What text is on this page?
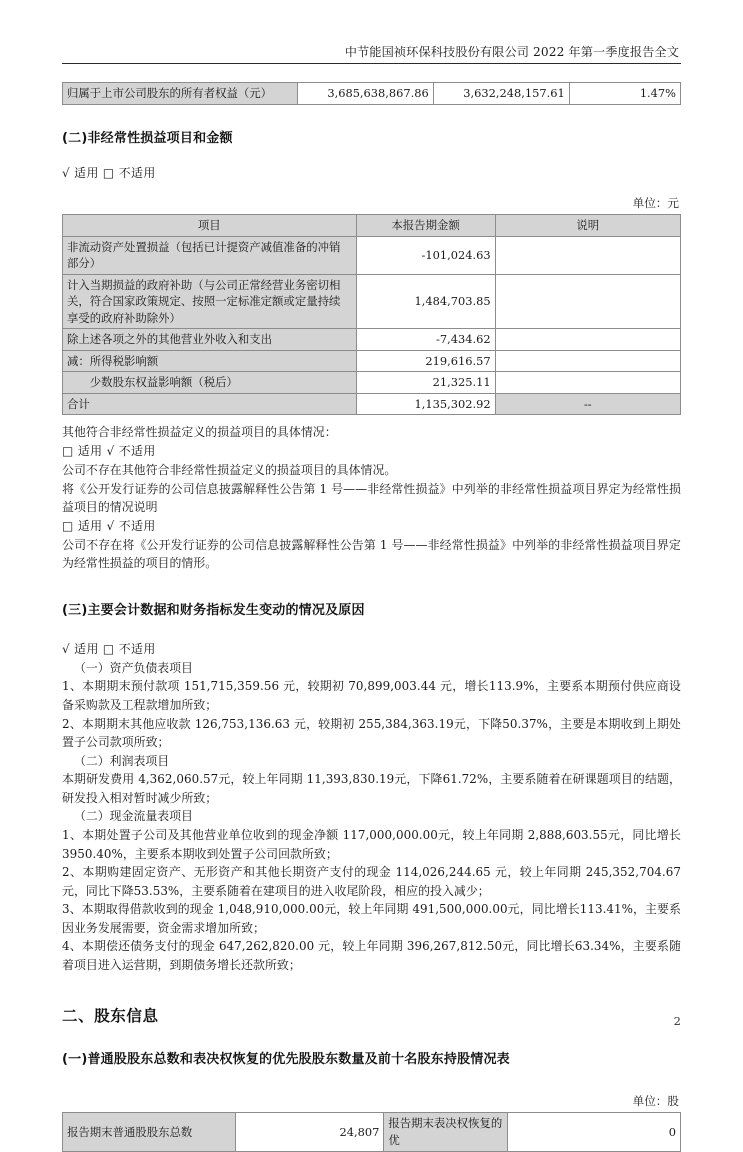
中节能国祯环保科技股份有限公司 2022 年第一季度报告全文
归属于上市公司股东的所有者权益（元）	3,685,638,867.86	3,632,248,157.61	1.47%
(二)非经常性损益项目和金额

√ 适用 □ 不适用

单位：元
项目	本报告期金额	说明
非流动资产处置损益（包括已计提资产减值准备的冲销部分）	-101,024.63	
计入当期损益的政府补助（与公司正常经营业务密切相关，符合国家政策规定、按照一定标准定额或定量持续享受的政府补助除外）	1,484,703.85	
除上述各项之外的其他营业外收入和支出	-7,434.62	
减：所得税影响额	219,616.57	
　　少数股东权益影响额（税后）	21,325.11	
合计	1,135,302.92	--

其他符合非经常性损益定义的损益项目的具体情况：

□ 适用 √ 不适用

公司不存在其他符合非经常性损益定义的损益项目的具体情况。

将《公开发行证券的公司信息披露解释性公告第 1 号——非经常性损益》中列举的非经常性损益项目界定为经常性损益项目的情况说明

□ 适用 √ 不适用

公司不存在将《公开发行证券的公司信息披露解释性公告第 1 号——非经常性损益》中列举的非经常性损益项目界定为经常性损益的项目的情形。

(三)主要会计数据和财务指标发生变动的情况及原因

√ 适用 □ 不适用

（一）资产负债表项目

1、本期期末预付款项 151,715,359.56 元，较期初 70,899,003.44 元，增长113.9%，主要系本期预付供应商设备采购款及工程款增加所致；

2、本期期末其他应收款 126,753,136.63 元，较期初 255,384,363.19元，下降50.37%，主要是本期收到上期处置子公司款项所致；

（二）利润表项目

本期研发费用 4,362,060.57元，较上年同期 11,393,830.19元，下降61.72%，主要系随着在研课题项目的结题，研发投入相对暂时减少所致；

（二）现金流量表项目

1、本期处置子公司及其他营业单位收到的现金净额 117,000,000.00元，较上年同期 2,888,603.55元，同比增长3950.40%，主要系本期收到处置子公司回款所致；

2、本期购建固定资产、无形资产和其他长期资产支付的现金 114,026,244.65 元，较上年同期 245,352,704.67元，同比下降53.53%，主要系随着在建项目的进入收尾阶段，相应的投入减少；

3、本期取得借款收到的现金 1,048,910,000.00元，较上年同期 491,500,000.00元，同比增长113.41%，主要系因业务发展需要，资金需求增加所致；

4、本期偿还债务支付的现金 647,262,820.00 元，较上年同期 396,267,812.50元，同比增长63.34%，主要系随着项目进入运营期，到期债务增长还款所致；

二、股东信息
(一)普通股股东总数和表决权恢复的优先股股东数量及前十名股东持股情况表
单位：股
报告期末普通股股东总数	24,807	报告期末表决权恢复的优	0
2
